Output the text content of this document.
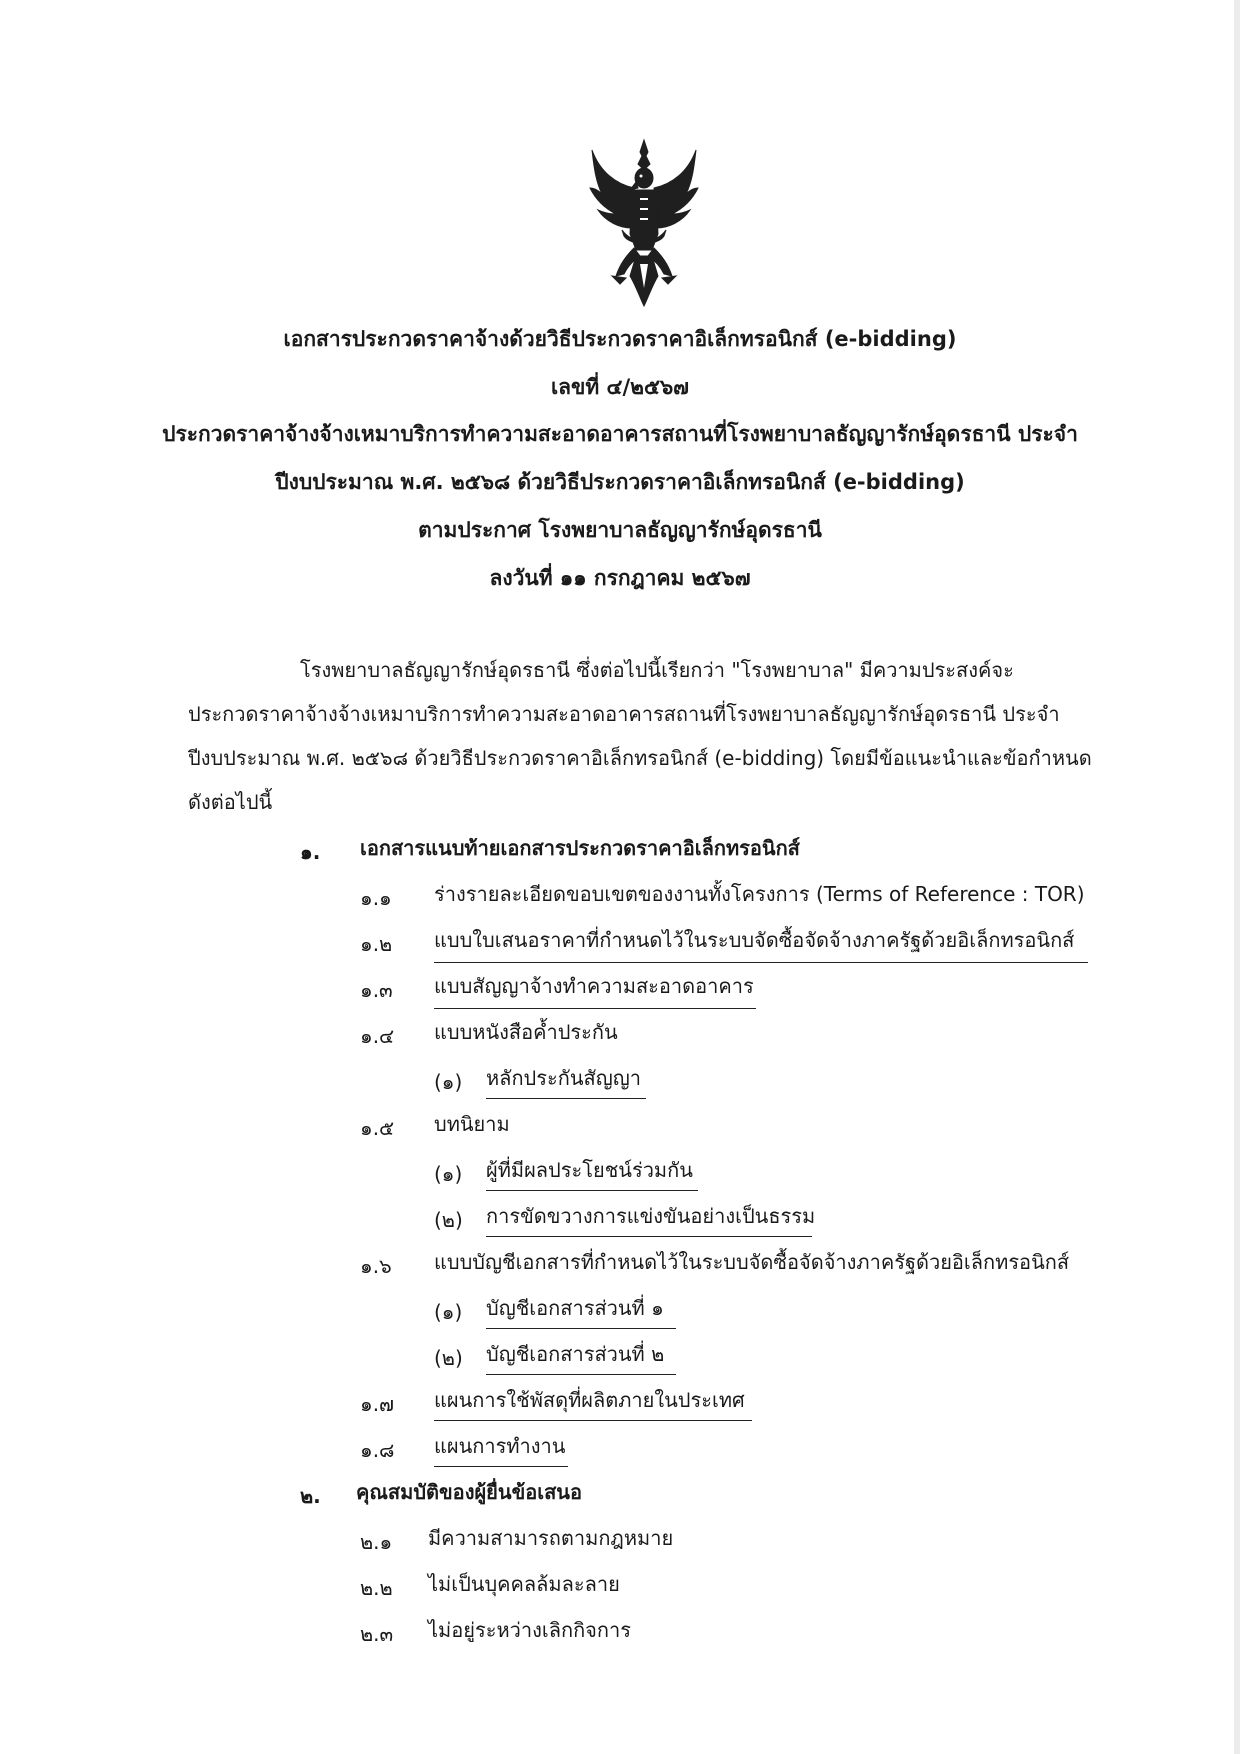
เอกสารประกวดราคาจ้างด้วยวิธีประกวดราคาอิเล็กทรอนิกส์ (e-bidding)
เลขที่ ๔/๒๕๖๗
ประกวดราคาจ้างจ้างเหมาบริการทำความสะอาดอาคารสถานที่โรงพยาบาลธัญญารักษ์อุดรธานี ประจำ
ปีงบประมาณ พ.ศ. ๒๕๖๘ ด้วยวิธีประกวดราคาอิเล็กทรอนิกส์ (e-bidding)
ตามประกาศ โรงพยาบาลธัญญารักษ์อุดรธานี
ลงวันที่ ๑๑ กรกฎาคม ๒๕๖๗
โรงพยาบาลธัญญารักษ์อุดรธานี ซึ่งต่อไปนี้เรียกว่า "โรงพยาบาล" มีความประสงค์จะ
ประกวดราคาจ้างจ้างเหมาบริการทำความสะอาดอาคารสถานที่โรงพยาบาลธัญญารักษ์อุดรธานี ประจำ
ปีงบประมาณ พ.ศ. ๒๕๖๘ ด้วยวิธีประกวดราคาอิเล็กทรอนิกส์ (e-bidding) โดยมีข้อแนะนำและข้อกำหนด
ดังต่อไปนี้
๑. เอกสารแนบท้ายเอกสารประกวดราคาอิเล็กทรอนิกส์
๑.๑ ร่างรายละเอียดขอบเขตของงานทั้งโครงการ (Terms of Reference : TOR)
๑.๒ แบบใบเสนอราคาที่กำหนดไว้ในระบบจัดซื้อจัดจ้างภาครัฐด้วยอิเล็กทรอนิกส์
๑.๓ แบบสัญญาจ้างทำความสะอาดอาคาร
๑.๔ แบบหนังสือค้ำประกัน
(๑) หลักประกันสัญญา
๑.๕ บทนิยาม
(๑) ผู้ที่มีผลประโยชน์ร่วมกัน
(๒) การขัดขวางการแข่งขันอย่างเป็นธรรม
๑.๖ แบบบัญชีเอกสารที่กำหนดไว้ในระบบจัดซื้อจัดจ้างภาครัฐด้วยอิเล็กทรอนิกส์
(๑) บัญชีเอกสารส่วนที่ ๑
(๒) บัญชีเอกสารส่วนที่ ๒
๑.๗ แผนการใช้พัสดุที่ผลิตภายในประเทศ
๑.๘ แผนการทำงาน
๒. คุณสมบัติของผู้ยื่นข้อเสนอ
๒.๑ มีความสามารถตามกฎหมาย
๒.๒ ไม่เป็นบุคคลล้มละลาย
๒.๓ ไม่อยู่ระหว่างเลิกกิจการ
